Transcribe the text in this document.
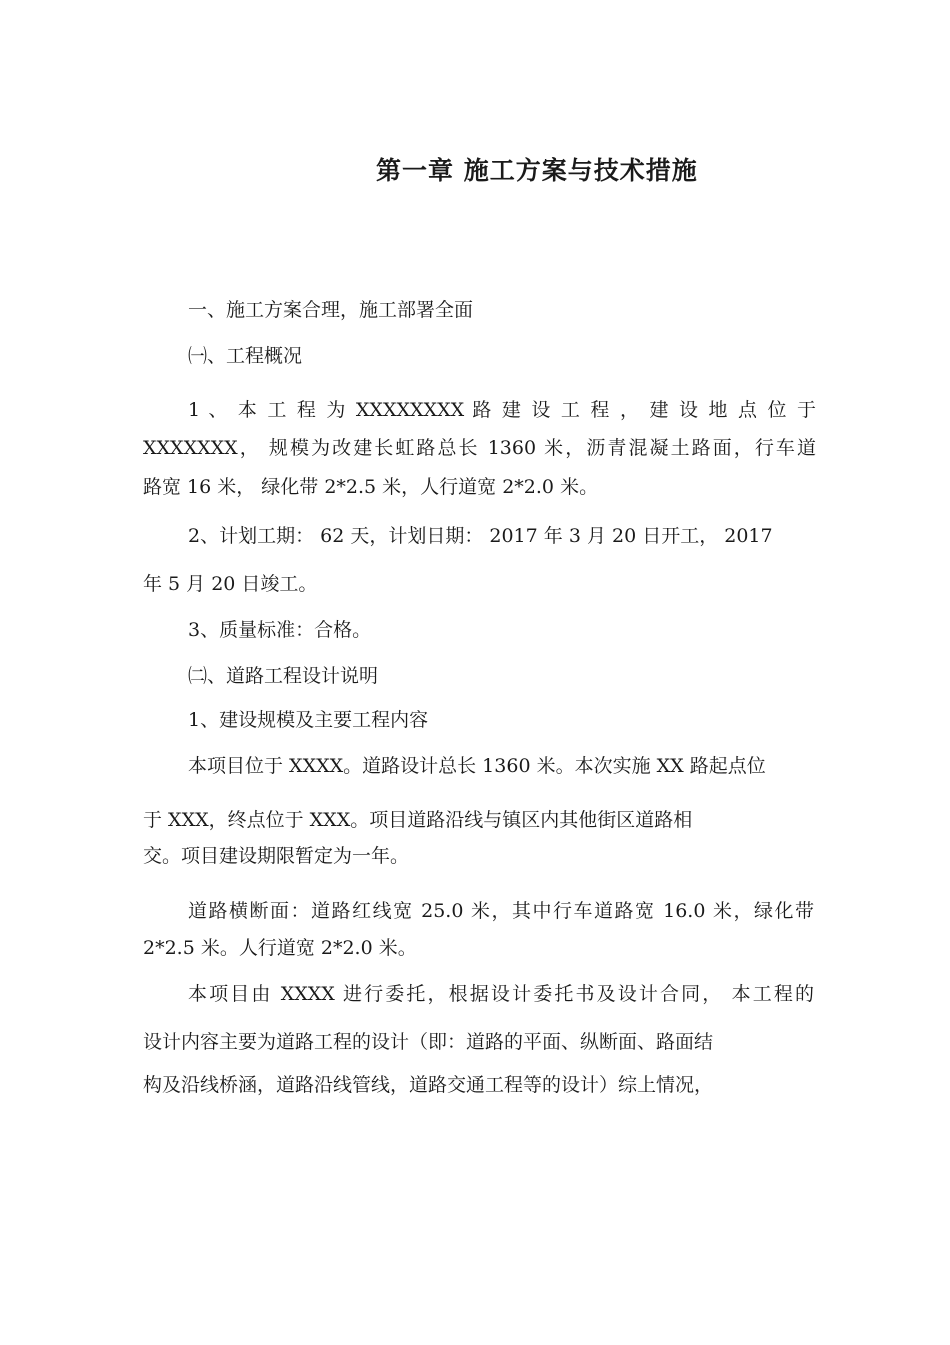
第一章 施工方案与技术措施

一、施工方案合理，施工部署全面

㈠、工程概况

1 、 本 工 程 为 XXXXXXXX 路 建 设 工 程 ， 建 设 地 点 位 于

XXXXXXX， 规模为改建长虹路总长 1360 米，沥青混凝土路面，行车道

路宽 16 米， 绿化带 2*2.5 米，人行道宽 2*2.0 米。

2、计划工期： 62 天，计划日期： 2017 年 3 月 20 日开工， 2017

年 5 月 20 日竣工。

3、质量标准：合格。

㈡、道路工程设计说明

1、建设规模及主要工程内容

本项目位于 XXXX。道路设计总长 1360 米。本次实施 XX 路起点位

于 XXX，终点位于 XXX。项目道路沿线与镇区内其他街区道路相

交。项目建设期限暂定为一年。

道路横断面：道路红线宽 25.0 米，其中行车道路宽 16.0 米，绿化带

2*2.5 米。人行道宽 2*2.0 米。

本项目由 XXXX 进行委托，根据设计委托书及设计合同， 本工程的

设计内容主要为道路工程的设计（即：道路的平面、纵断面、路面结

构及沿线桥涵，道路沿线管线，道路交通工程等的设计）综上情况，
